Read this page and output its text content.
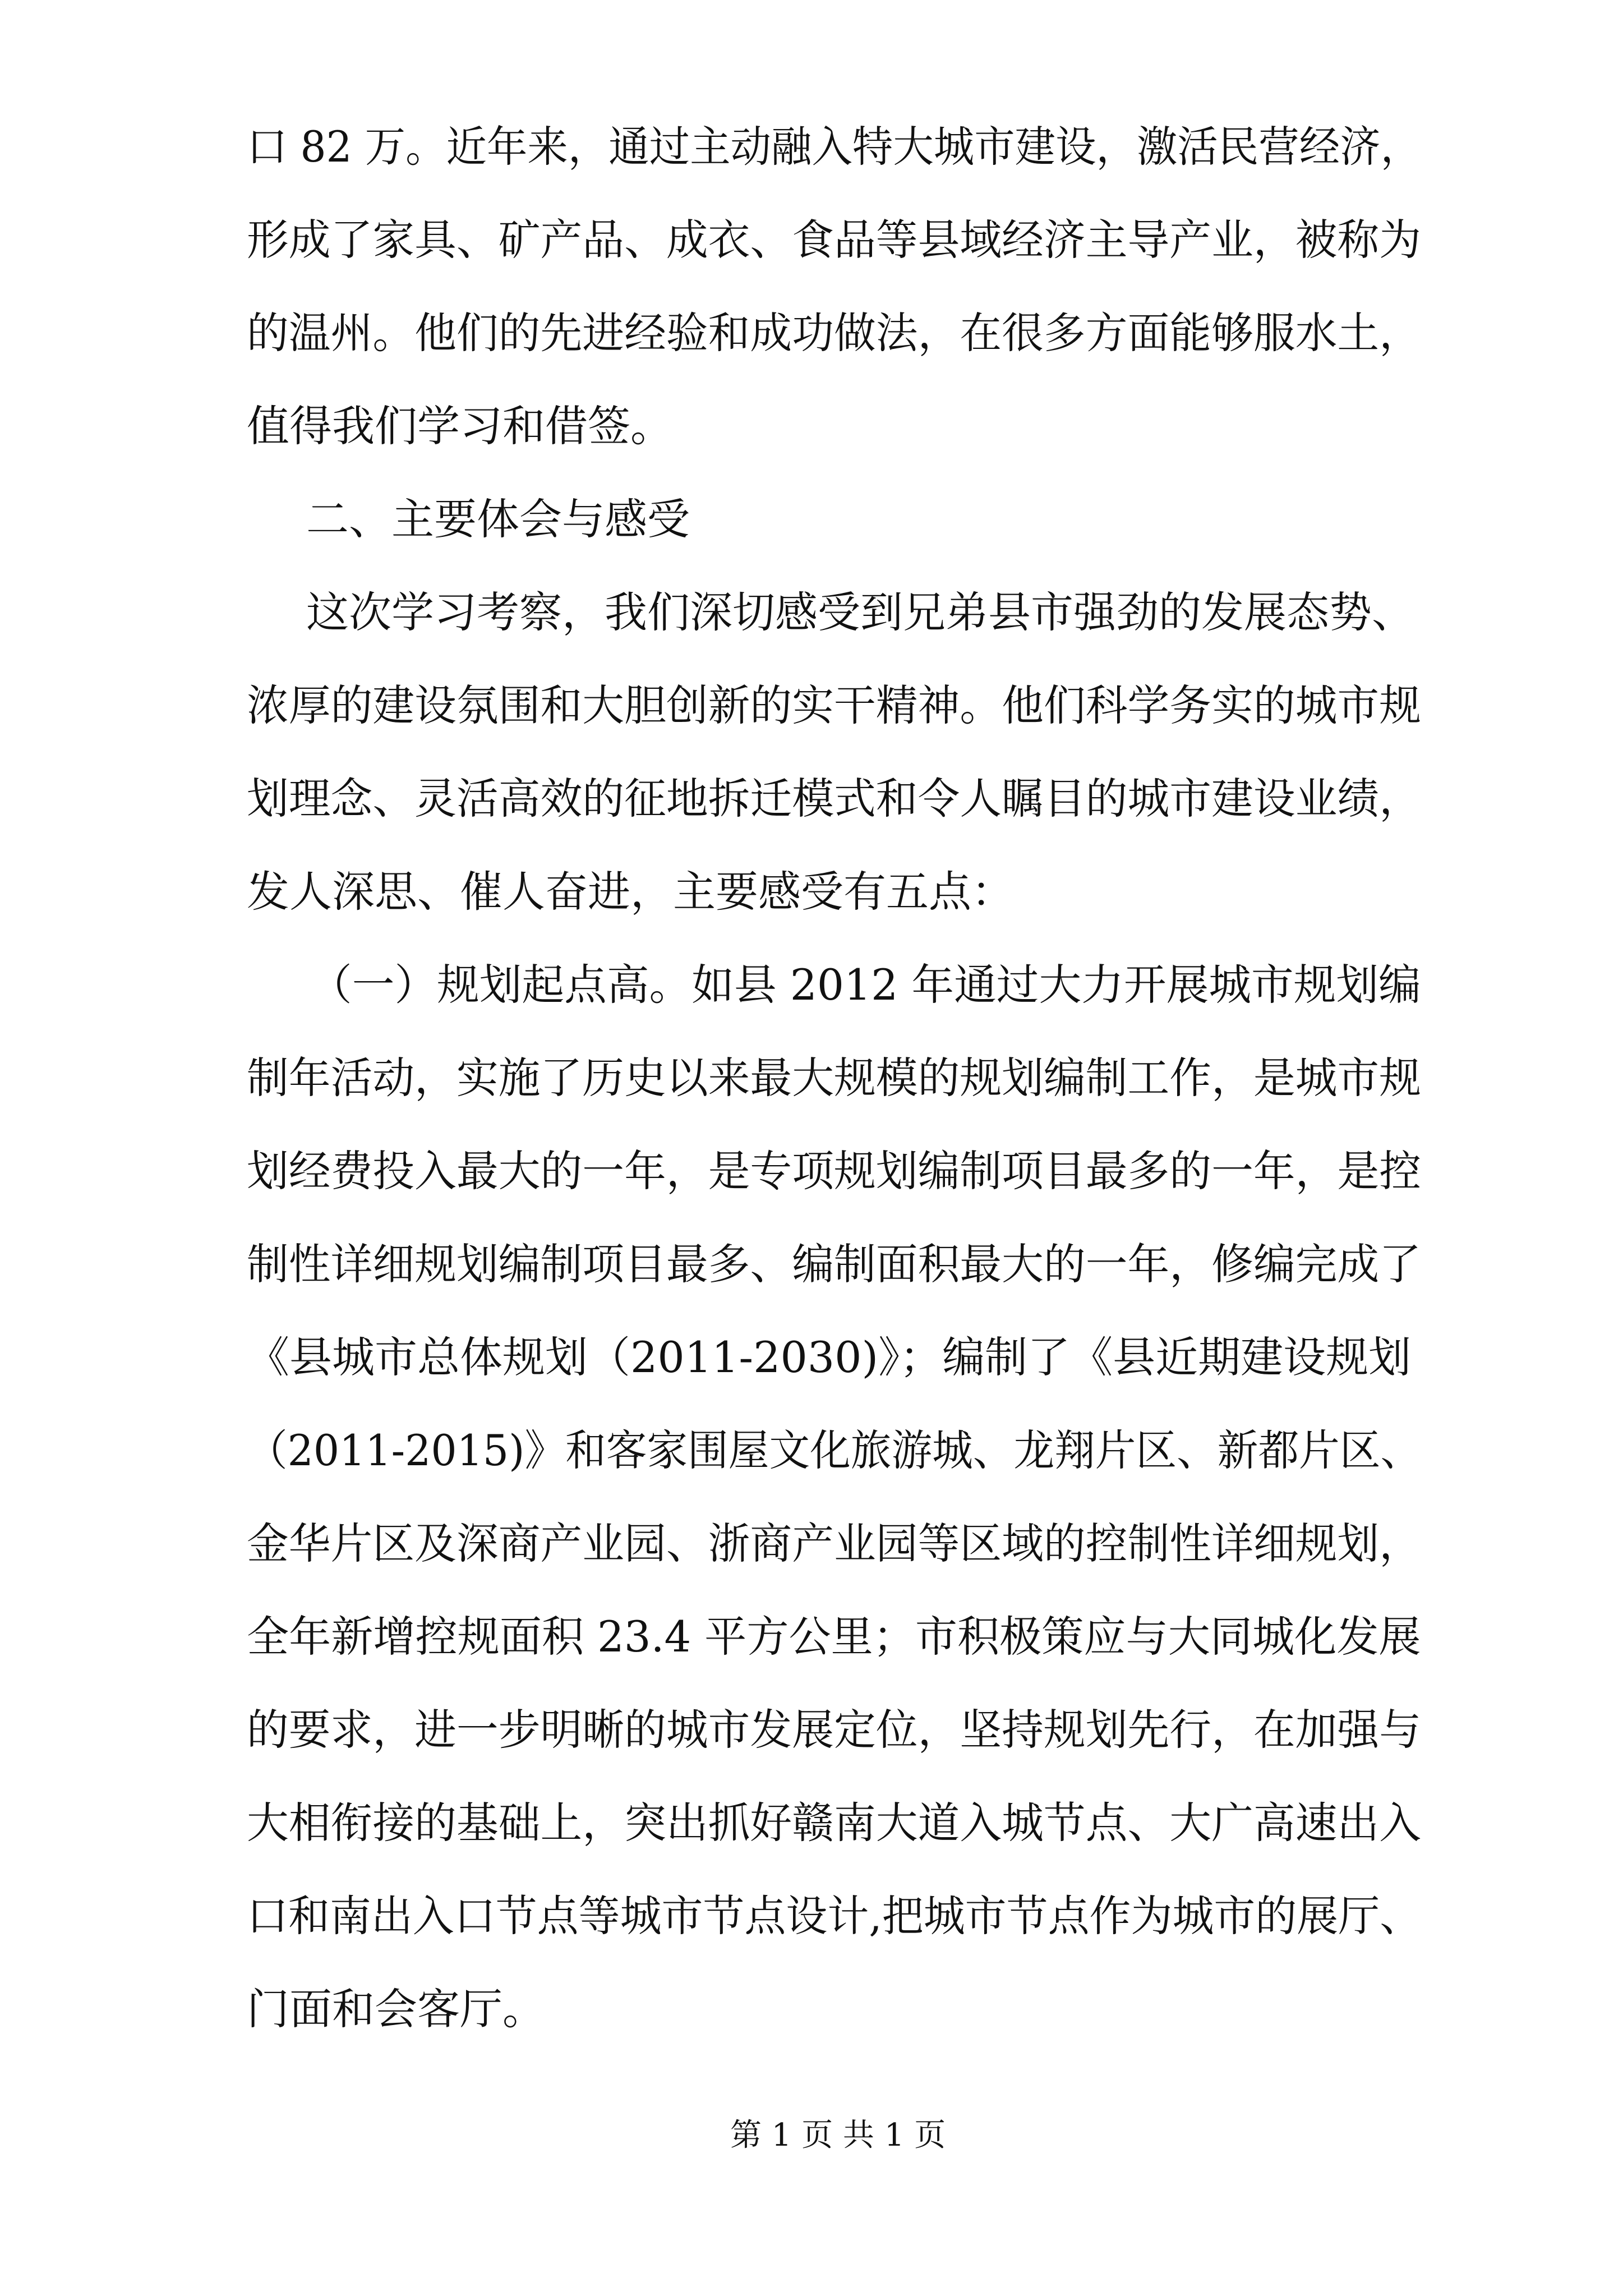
口 82 万。近年来，通过主动融入特大城市建设，激活民营经济，
形成了家具、矿产品、成衣、食品等县域经济主导产业，被称为
的温州。他们的先进经验和成功做法，在很多方面能够服水土，
值得我们学习和借签。
二、主要体会与感受
这次学习考察，我们深切感受到兄弟县市强劲的发展态势、
浓厚的建设氛围和大胆创新的实干精神。他们科学务实的城市规
划理念、灵活高效的征地拆迁模式和令人瞩目的城市建设业绩，
发人深思、催人奋进，主要感受有五点：
（一）规划起点高。如县 2012 年通过大力开展城市规划编
制年活动，实施了历史以来最大规模的规划编制工作，是城市规
划经费投入最大的一年，是专项规划编制项目最多的一年，是控
制性详细规划编制项目最多、编制面积最大的一年，修编完成了
《县城市总体规划（2011-2030)》；编制了《县近期建设规划
（2011-2015)》和客家围屋文化旅游城、龙翔片区、新都片区、
金华片区及深商产业园、浙商产业园等区域的控制性详细规划，
全年新增控规面积 23.4 平方公里；市积极策应与大同城化发展
的要求，进一步明晰的城市发展定位，坚持规划先行，在加强与
大相衔接的基础上，突出抓好赣南大道入城节点、大广高速出入
口和南出入口节点等城市节点设计,把城市节点作为城市的展厅、
门面和会客厅。
第 1 页 共 1 页
